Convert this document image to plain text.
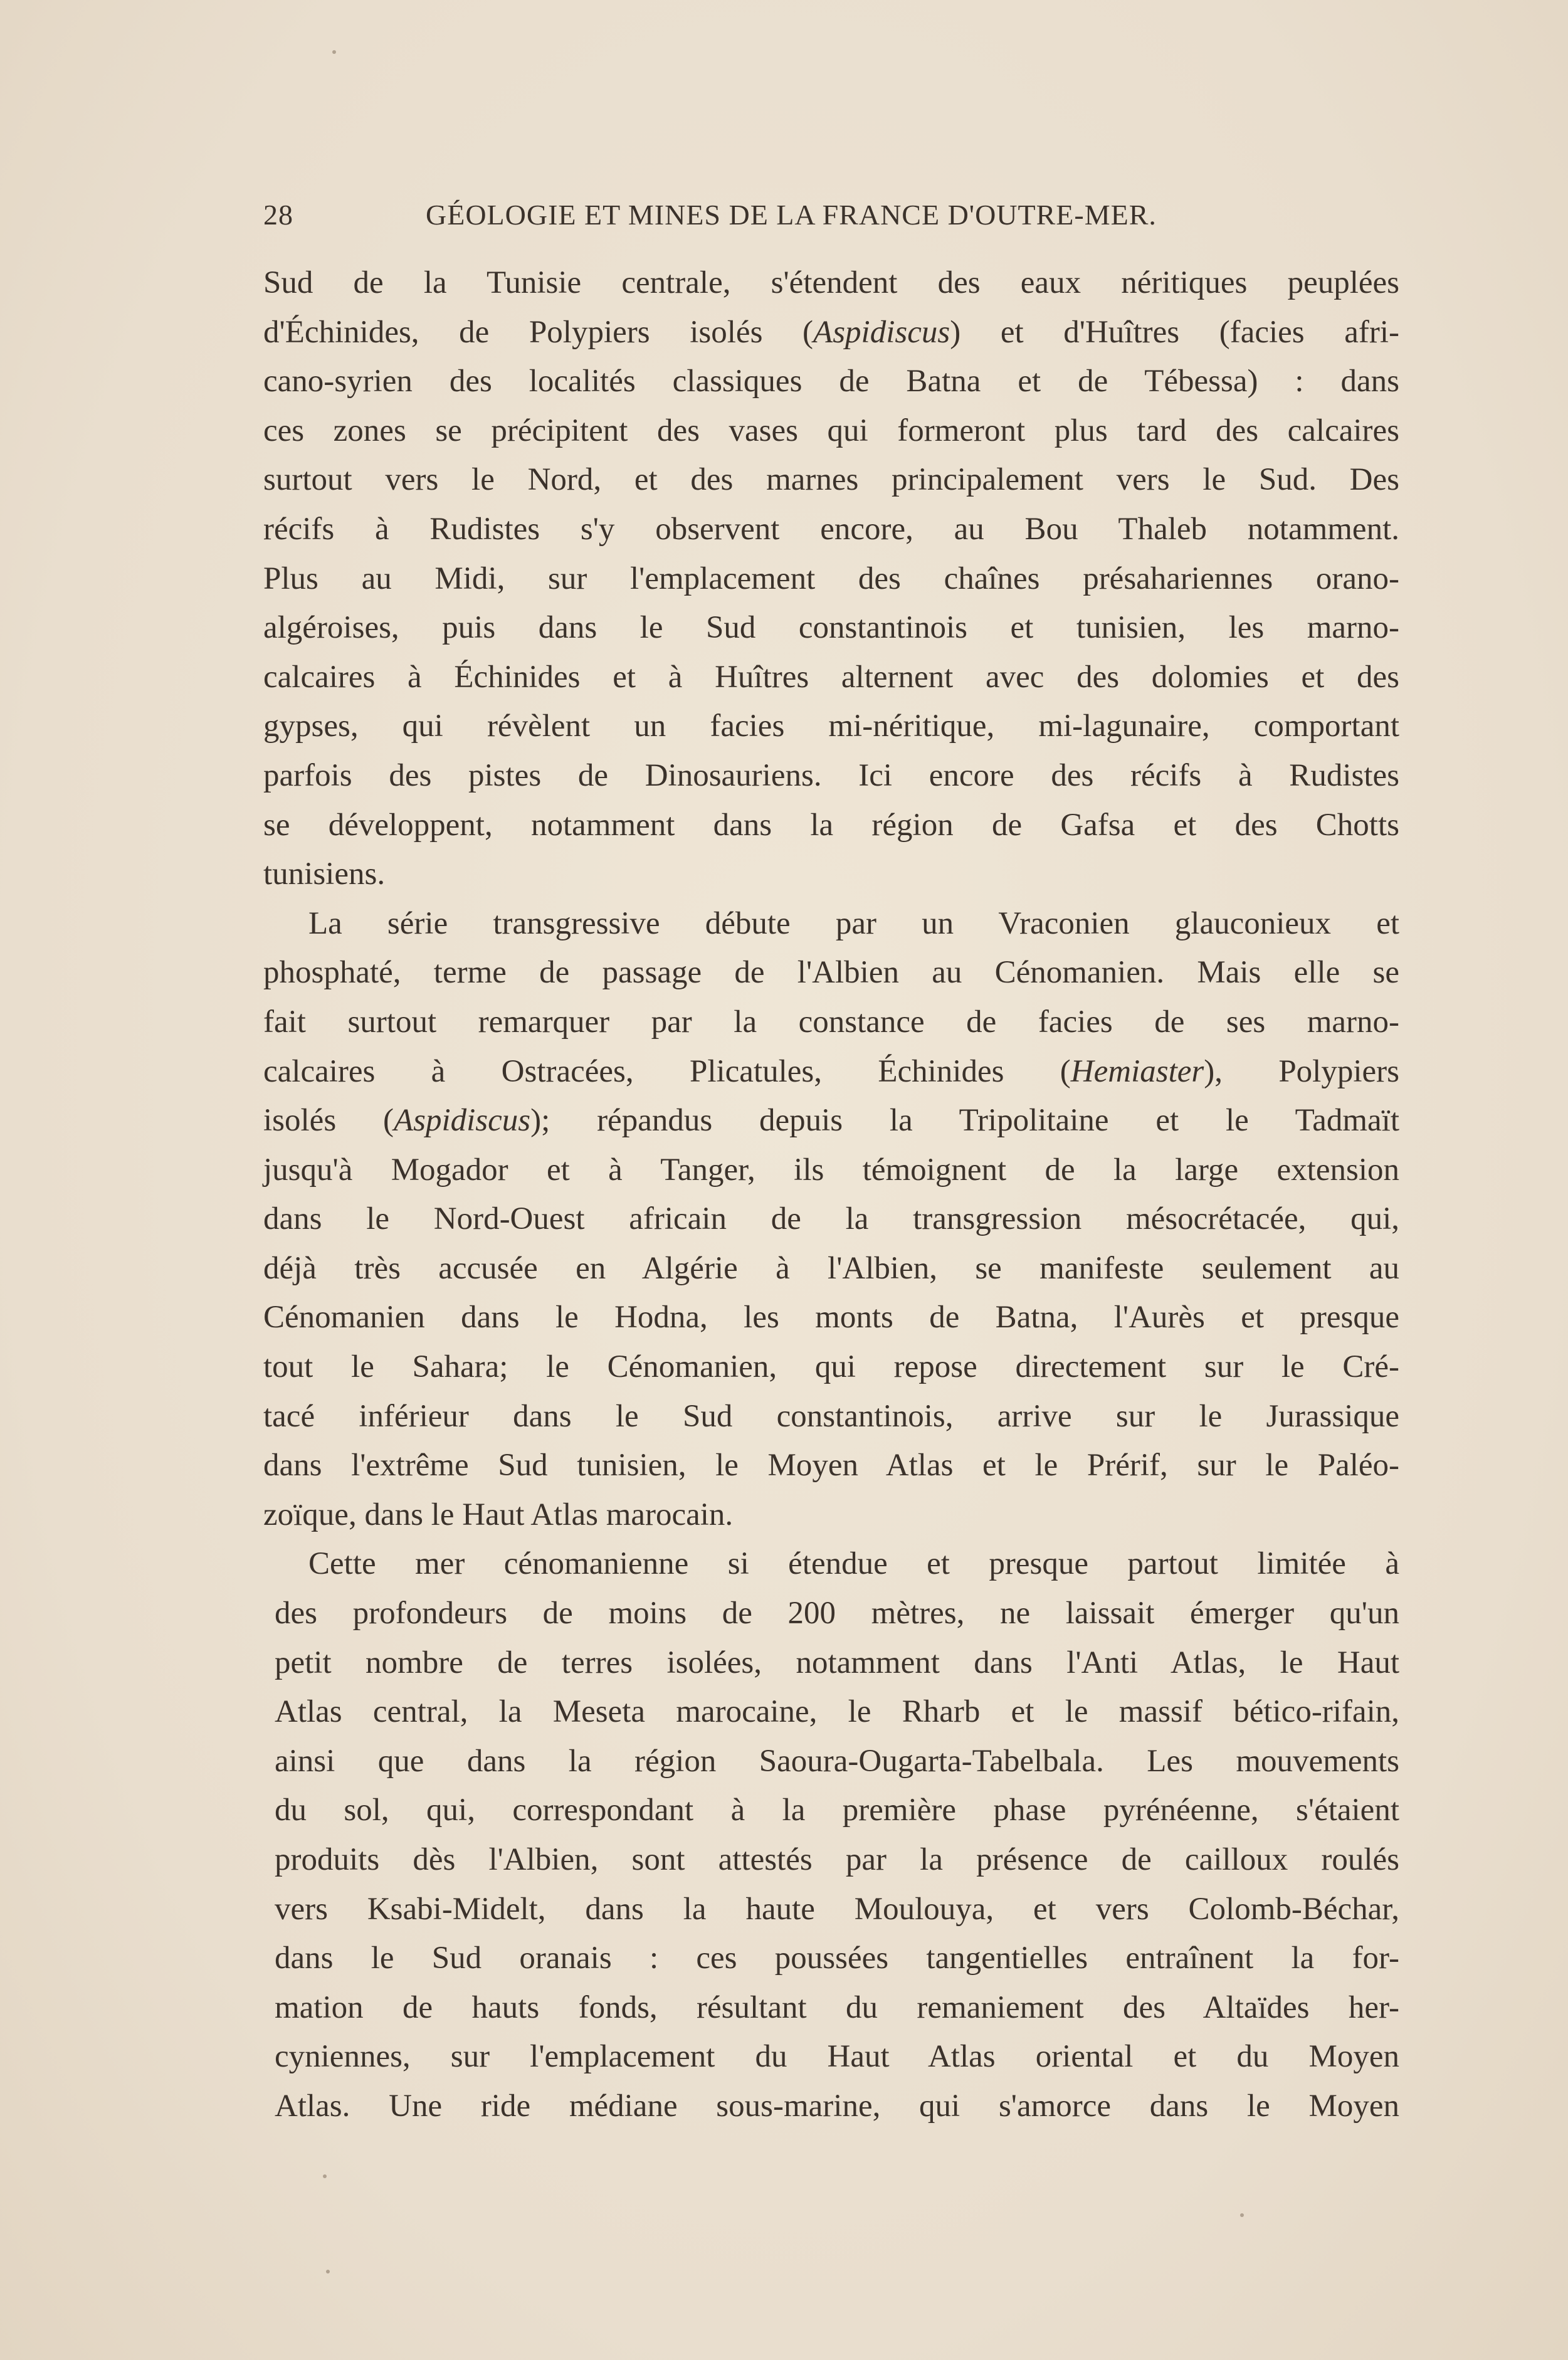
28	GÉOLOGIE ET MINES DE LA FRANCE D'OUTRE-MER.
Sud de la Tunisie centrale, s'étendent des eaux néritiques peuplées
d'Échinides, de Polypiers isolés (Aspidiscus) et d'Huîtres (facies afri-
cano-syrien des localités classiques de Batna et de Tébessa) : dans
ces zones se précipitent des vases qui formeront plus tard des calcaires
surtout vers le Nord, et des marnes principalement vers le Sud. Des
récifs à Rudistes s'y observent encore, au Bou Thaleb notamment.
Plus au Midi, sur l'emplacement des chaînes présahariennes orano-
algéroises, puis dans le Sud constantinois et tunisien, les marno-
calcaires à Échinides et à Huîtres alternent avec des dolomies et des
gypses, qui révèlent un facies mi-néritique, mi-lagunaire, comportant
parfois des pistes de Dinosauriens. Ici encore des récifs à Rudistes
se développent, notamment dans la région de Gafsa et des Chotts
tunisiens.
La série transgressive débute par un Vraconien glauconieux et
phosphaté, terme de passage de l'Albien au Cénomanien. Mais elle se
fait surtout remarquer par la constance de facies de ses marno-
calcaires à Ostracées, Plicatules, Échinides (Hemiaster), Polypiers
isolés (Aspidiscus); répandus depuis la Tripolitaine et le Tadmaït
jusqu'à Mogador et à Tanger, ils témoignent de la large extension
dans le Nord-Ouest africain de la transgression mésocrétacée, qui,
déjà très accusée en Algérie à l'Albien, se manifeste seulement au
Cénomanien dans le Hodna, les monts de Batna, l'Aurès et presque
tout le Sahara; le Cénomanien, qui repose directement sur le Cré-
tacé inférieur dans le Sud constantinois, arrive sur le Jurassique
dans l'extrême Sud tunisien, le Moyen Atlas et le Prérif, sur le Paléo-
zoïque, dans le Haut Atlas marocain.
Cette mer cénomanienne si étendue et presque partout limitée à
des profondeurs de moins de 200 mètres, ne laissait émerger qu'un
petit nombre de terres isolées, notamment dans l'Anti Atlas, le Haut
Atlas central, la Meseta marocaine, le Rharb et le massif bético-rifain,
ainsi que dans la région Saoura-Ougarta-Tabelbala. Les mouvements
du sol, qui, correspondant à la première phase pyrénéenne, s'étaient
produits dès l'Albien, sont attestés par la présence de cailloux roulés
vers Ksabi-Midelt, dans la haute Moulouya, et vers Colomb-Béchar,
dans le Sud oranais : ces poussées tangentielles entraînent la for-
mation de hauts fonds, résultant du remaniement des Altaïdes her-
cyniennes, sur l'emplacement du Haut Atlas oriental et du Moyen
Atlas. Une ride médiane sous-marine, qui s'amorce dans le Moyen
